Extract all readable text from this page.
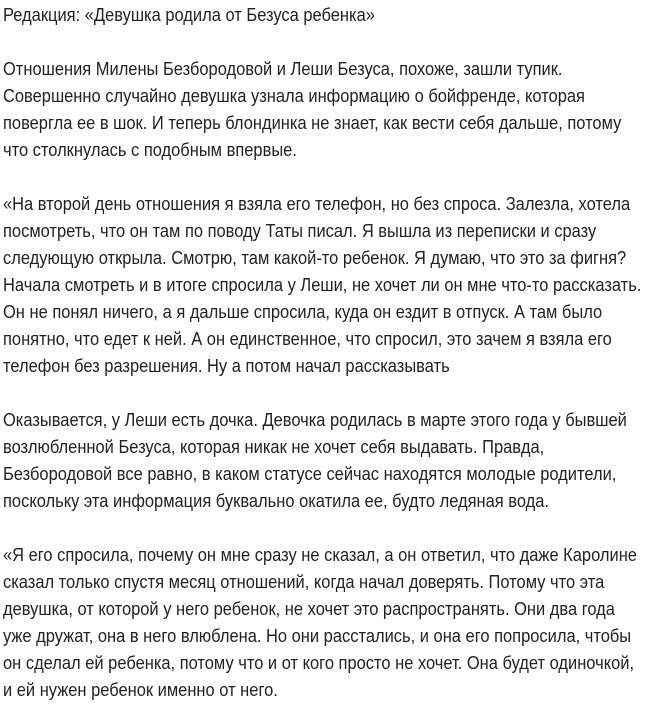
Редакция: «Девушка родила от Безуса ребенка»
Отношения Милены Безбородовой и Леши Безуса, похоже, зашли тупик.
Совершенно случайно девушка узнала информацию о бойфренде, которая
повергла ее в шок. И теперь блондинка не знает, как вести себя дальше, потому
что столкнулась с подобным впервые.
«На второй день отношения я взяла его телефон, но без спроса. Залезла, хотела
посмотреть, что он там по поводу Таты писал. Я вышла из переписки и сразу
следующую открыла. Смотрю, там какой-то ребенок. Я думаю, что это за фигня?
Начала смотреть и в итоге спросила у Леши, не хочет ли он мне что-то рассказать.
Он не понял ничего, а я дальше спросила, куда он ездит в отпуск. А там было
понятно, что едет к ней. А он единственное, что спросил, это зачем я взяла его
телефон без разрешения. Ну а потом начал рассказывать
Оказывается, у Леши есть дочка. Девочка родилась в марте этого года у бывшей
возлюбленной Безуса, которая никак не хочет себя выдавать. Правда,
Безбородовой все равно, в каком статусе сейчас находятся молодые родители,
поскольку эта информация буквально окатила ее, будто ледяная вода.
«Я его спросила, почему он мне сразу не сказал, а он ответил, что даже Каролине
сказал только спустя месяц отношений, когда начал доверять. Потому что эта
девушка, от которой у него ребенок, не хочет это распространять. Они два года
уже дружат, она в него влюблена. Но они расстались, и она его попросила, чтобы
он сделал ей ребенка, потому что и от кого просто не хочет. Она будет одиночкой,
и ей нужен ребенок именно от него.
